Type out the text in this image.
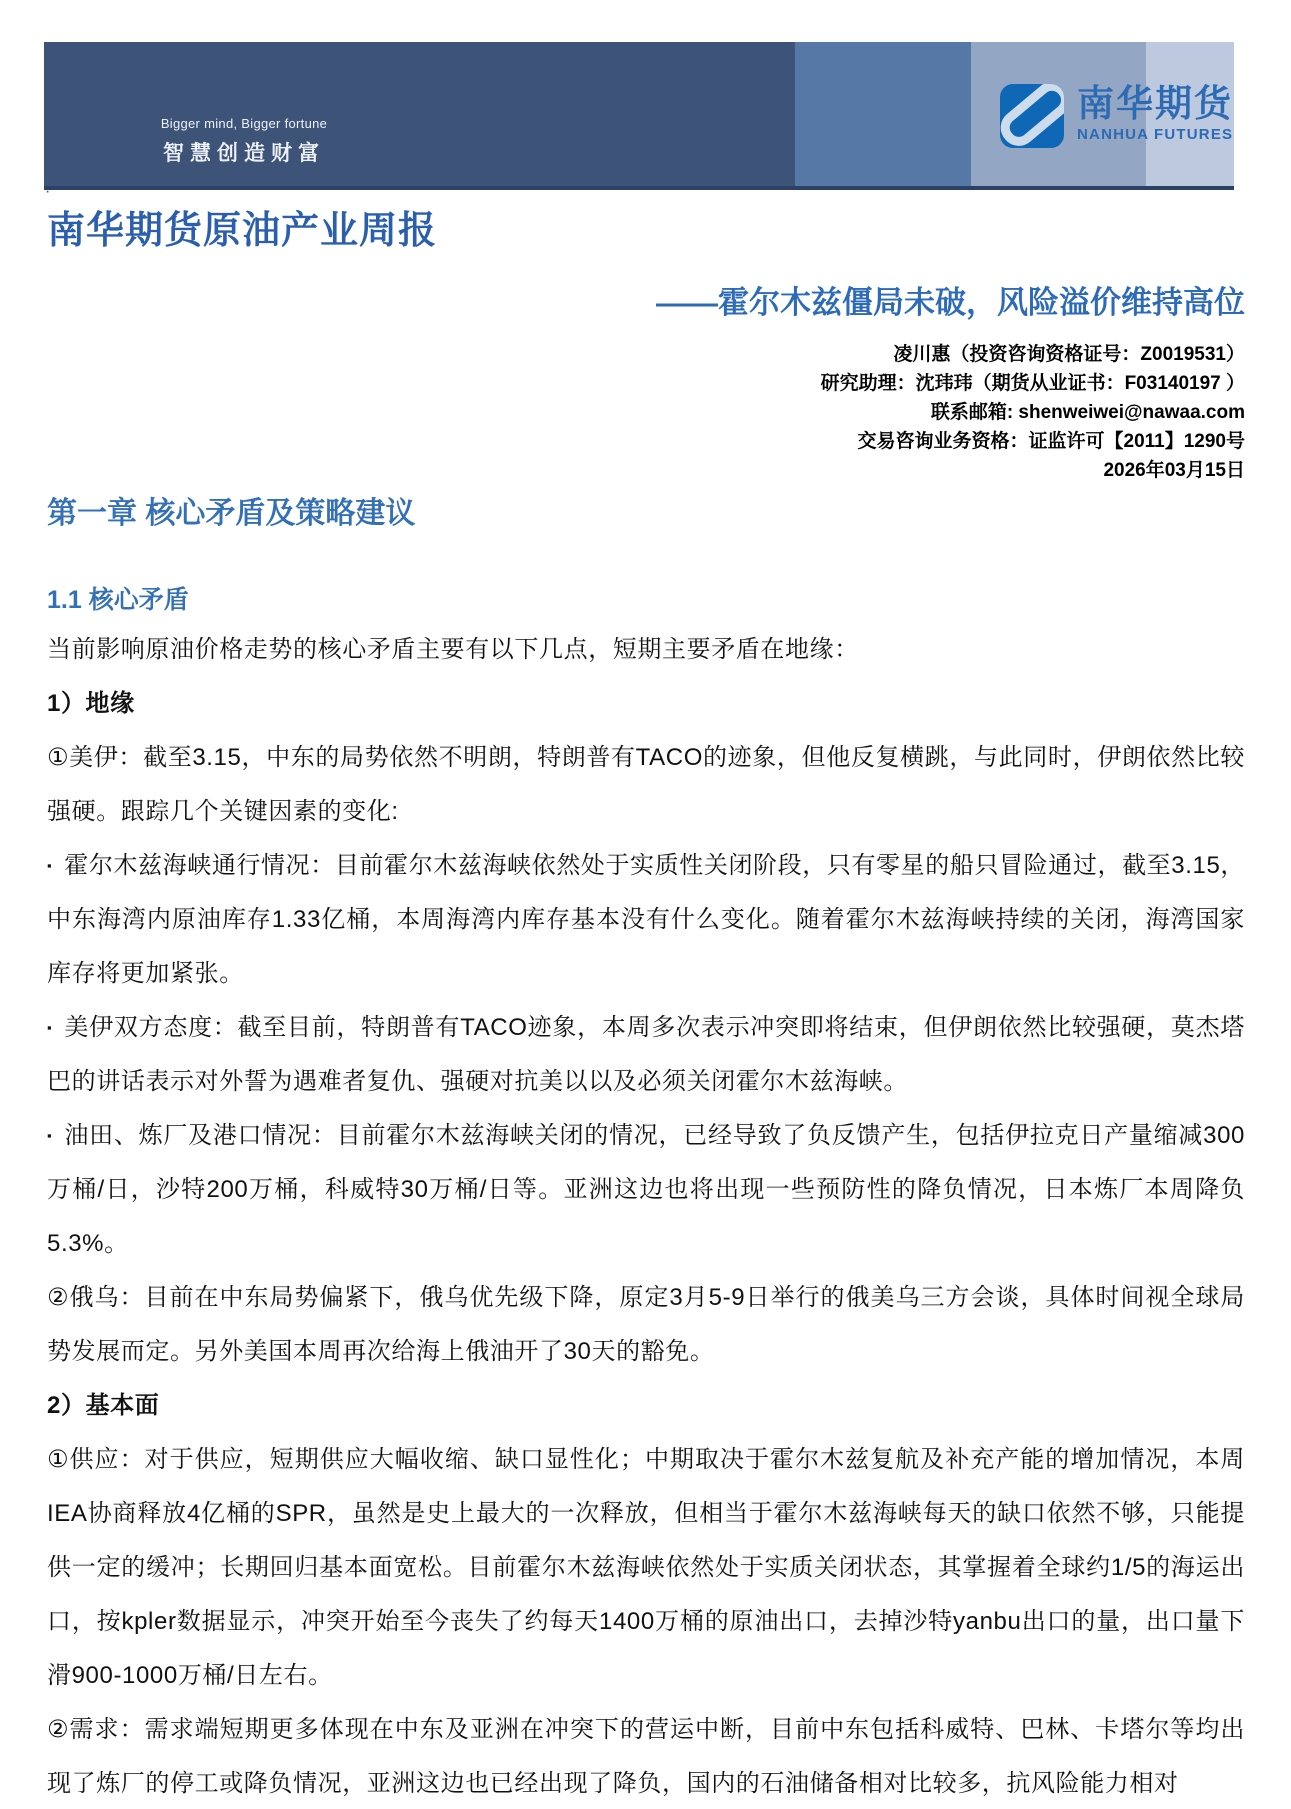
Bigger mind, Bigger fortune
智慧创造财富
南华期货
NANHUA FUTURES
·
南华期货原油产业周报
——霍尔木兹僵局未破，风险溢价维持高位
凌川惠（投资咨询资格证号：Z0019531）
研究助理：沈玮玮（期货从业证书：F03140197 ）
联系邮箱: shenweiwei@nawaa.com
交易咨询业务资格：证监许可【2011】1290号
2026年03月15日
第一章 核心矛盾及策略建议
1.1 核心矛盾

当前影响原油价格走势的核心矛盾主要有以下几点，短期主要矛盾在地缘：

1）地缘

①美伊：截至3.15，中东的局势依然不明朗，特朗普有TACO的迹象，但他反复横跳，与此同时，伊朗依然比较强硬。跟踪几个关键因素的变化:

▪ 霍尔木兹海峡通行情况：目前霍尔木兹海峡依然处于实质性关闭阶段，只有零星的船只冒险通过，截至3.15，中东海湾内原油库存1.33亿桶，本周海湾内库存基本没有什么变化。随着霍尔木兹海峡持续的关闭，海湾国家库存将更加紧张。

▪ 美伊双方态度：截至目前，特朗普有TACO迹象，本周多次表示冲突即将结束，但伊朗依然比较强硬，莫杰塔巴的讲话表示对外誓为遇难者复仇、强硬对抗美以以及必须关闭霍尔木兹海峡。

▪ 油田、炼厂及港口情况：目前霍尔木兹海峡关闭的情况，已经导致了负反馈产生，包括伊拉克日产量缩减300万桶/日，沙特200万桶，科威特30万桶/日等。亚洲这边也将出现一些预防性的降负情况，日本炼厂本周降负5.3%。

②俄乌：目前在中东局势偏紧下，俄乌优先级下降，原定3月5-9日举行的俄美乌三方会谈，具体时间视全球局势发展而定。另外美国本周再次给海上俄油开了30天的豁免。

2）基本面

①供应：对于供应，短期供应大幅收缩、缺口显性化；中期取决于霍尔木兹复航及补充产能的增加情况，本周IEA协商释放4亿桶的SPR，虽然是史上最大的一次释放，但相当于霍尔木兹海峡每天的缺口依然不够，只能提供一定的缓冲；长期回归基本面宽松。目前霍尔木兹海峡依然处于实质关闭状态，其掌握着全球约1/5的海运出口，按kpler数据显示，冲突开始至今丧失了约每天1400万桶的原油出口，去掉沙特yanbu出口的量，出口量下滑900-1000万桶/日左右。

②需求：需求端短期更多体现在中东及亚洲在冲突下的营运中断，目前中东包括科威特、巴林、卡塔尔等均出现了炼厂的停工或降负情况，亚洲这边也已经出现了降负，国内的石油储备相对比较多，抗风险能力相对
